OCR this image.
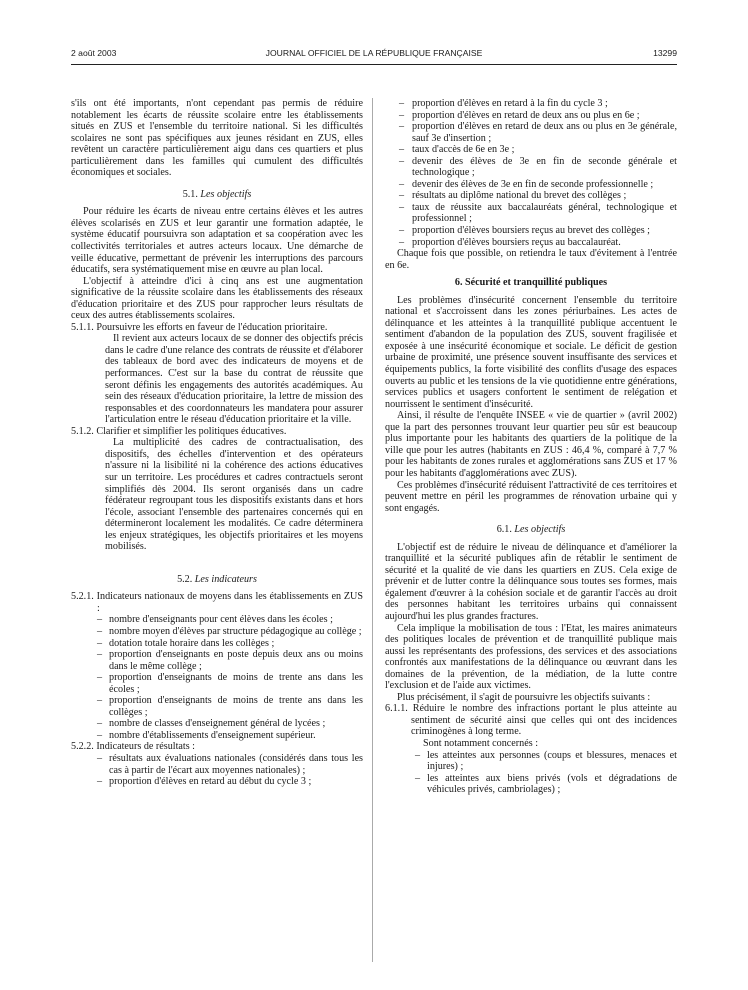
2 août 2003	JOURNAL OFFICIEL DE LA RÉPUBLIQUE FRANÇAISE	13299

s'ils ont été importants, n'ont cependant pas permis de réduire notablement les écarts de réussite scolaire entre les établissements situés en ZUS et l'ensemble du territoire national. Si les difficultés scolaires ne sont pas spécifiques aux jeunes résidant en ZUS, elles revêtent un caractère particulièrement aigu dans ces quartiers et plus particulièrement dans les familles qui cumulent des difficultés économiques et sociales.

5.1. Les objectifs

Pour réduire les écarts de niveau entre certains élèves et les autres élèves scolarisés en ZUS et leur garantir une formation adaptée, le système éducatif poursuivra son adaptation et sa coopération avec les collectivités territoriales et autres acteurs locaux. Une démarche de veille éducative, permettant de prévenir les interruptions des parcours éducatifs, sera systématiquement mise en œuvre au plan local.

L'objectif à atteindre d'ici à cinq ans est une augmentation significative de la réussite scolaire dans les établissements des réseaux d'éducation prioritaire et des ZUS pour rapprocher leurs résultats de ceux des autres établissements scolaires.

5.1.1. Poursuivre les efforts en faveur de l'éducation prioritaire.

Il revient aux acteurs locaux de se donner des objectifs précis dans le cadre d'une relance des contrats de réussite et d'élaborer des tableaux de bord avec des indicateurs de moyens et de performances. C'est sur la base du contrat de réussite que seront définis les engagements des autorités académiques. Au sein des réseaux d'éducation prioritaire, la lettre de mission des responsables et des coordonnateurs les mandatera pour assurer l'articulation entre le réseau d'éducation prioritaire et la ville.

5.1.2. Clarifier et simplifier les politiques éducatives.

La multiplicité des cadres de contractualisation, des dispositifs, des échelles d'intervention et des opérateurs n'assure ni la lisibilité ni la cohérence des actions éducatives sur un territoire. Les procédures et cadres contractuels seront simplifiés dès 2004. Ils seront organisés dans un cadre fédérateur regroupant tous les dispositifs existants dans et hors l'école, associant l'ensemble des partenaires concernés qui en détermineront localement les modalités. Ce cadre déterminera les enjeux stratégiques, les objectifs prioritaires et les moyens mobilisés.

5.2. Les indicateurs

5.2.1. Indicateurs nationaux de moyens dans les établissements en ZUS :

– nombre d'enseignants pour cent élèves dans les écoles ;
– nombre moyen d'élèves par structure pédagogique au collège ;
– dotation totale horaire dans les collèges ;
– proportion d'enseignants en poste depuis deux ans ou moins dans le même collège ;
– proportion d'enseignants de moins de trente ans dans les écoles ;
– proportion d'enseignants de moins de trente ans dans les collèges ;
– nombre de classes d'enseignement général de lycées ;
– nombre d'établissements d'enseignement supérieur.

5.2.2. Indicateurs de résultats :

– résultats aux évaluations nationales (considérés dans tous les cas à partir de l'écart aux moyennes nationales) ;
– proportion d'élèves en retard au début du cycle 3 ;
– proportion d'élèves en retard à la fin du cycle 3 ;
– proportion d'élèves en retard de deux ans ou plus en 6e ;
– proportion d'élèves en retard de deux ans ou plus en 3e générale, sauf 3e d'insertion ;
– taux d'accès de 6e en 3e ;
– devenir des élèves de 3e en fin de seconde générale et technologique ;
– devenir des élèves de 3e en fin de seconde professionnelle ;
– résultats au diplôme national du brevet des collèges ;
– taux de réussite aux baccalauréats général, technologique et professionnel ;
– proportion d'élèves boursiers reçus au brevet des collèges ;
– proportion d'élèves boursiers reçus au baccalauréat.

Chaque fois que possible, on retiendra le taux d'évitement à l'entrée en 6e.

6. Sécurité et tranquillité publiques

Les problèmes d'insécurité concernent l'ensemble du territoire national et s'accroissent dans les zones périurbaines. Les actes de délinquance et les atteintes à la tranquillité publique accentuent le sentiment d'abandon de la population des ZUS, souvent fragilisée et exposée à une insécurité économique et sociale. Le déficit de gestion urbaine de proximité, une présence souvent insuffisante des services et équipements publics, la forte visibilité des conflits d'usage des espaces ouverts au public et les tensions de la vie quotidienne entre générations, services publics et usagers confortent le sentiment de relégation et nourrissent le sentiment d'insécurité.

Ainsi, il résulte de l'enquête INSEE « vie de quartier » (avril 2002) que la part des personnes trouvant leur quartier peu sûr est beaucoup plus importante pour les habitants des quartiers de la politique de la ville que pour les autres (habitants en ZUS : 46,4 %, comparé à 7,7 % pour les habitants de zones rurales et agglomérations sans ZUS et 17 % pour les habitants d'agglomérations avec ZUS).

Ces problèmes d'insécurité réduisent l'attractivité de ces territoires et peuvent mettre en péril les programmes de rénovation urbaine qui y sont engagés.

6.1. Les objectifs

L'objectif est de réduire le niveau de délinquance et d'améliorer la tranquillité et la sécurité publiques afin de rétablir le sentiment de sécurité et la qualité de vie dans les quartiers en ZUS. Cela exige de prévenir et de lutter contre la délinquance sous toutes ses formes, mais également d'œuvrer à la cohésion sociale et de garantir l'accès au droit des personnes habitant les territoires urbains qui connaissent aujourd'hui les plus grandes fractures.

Cela implique la mobilisation de tous : l'Etat, les maires animateurs des politiques locales de prévention et de tranquillité publique mais aussi les représentants des professions, des services et des associations confrontés aux manifestations de la délinquance ou œuvrant dans les domaines de la prévention, de la médiation, de la lutte contre l'exclusion et de l'aide aux victimes.

Plus précisément, il s'agit de poursuivre les objectifs suivants :

6.1.1. Réduire le nombre des infractions portant le plus atteinte au sentiment de sécurité ainsi que celles qui ont des incidences criminogènes à long terme.

Sont notamment concernés :

– les atteintes aux personnes (coups et blessures, menaces et injures) ;
– les atteintes aux biens privés (vols et dégradations de véhicules privés, cambriolages) ;
